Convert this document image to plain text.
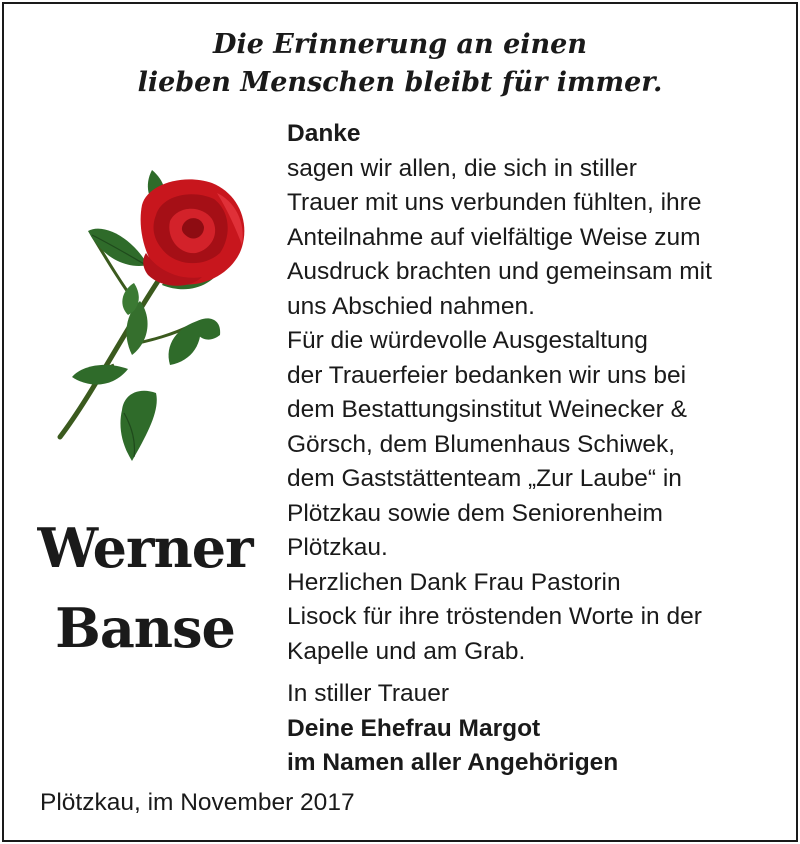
Die Erinnerung an einen
lieben Menschen bleibt für immer.
Werner
Banse

Danke

sagen wir allen, die sich in stiller

Trauer mit uns verbunden fühlten, ihre

Anteilnahme auf vielfältige Weise zum

Ausdruck brachten und gemeinsam mit

uns Abschied nahmen.

Für die würdevolle Ausgestaltung

der Trauerfeier bedanken wir uns bei

dem Bestattungsinstitut Weinecker &

Görsch, dem Blumenhaus Schiwek,

dem Gaststättenteam „Zur Laube“ in

Plötzkau sowie dem Seniorenheim

Plötzkau.

Herzlichen Dank Frau Pastorin

Lisock für ihre tröstenden Worte in der

Kapelle und am Grab.

In stiller Trauer

Deine Ehefrau Margot

im Namen aller Angehörigen

Plötzkau, im November 2017
